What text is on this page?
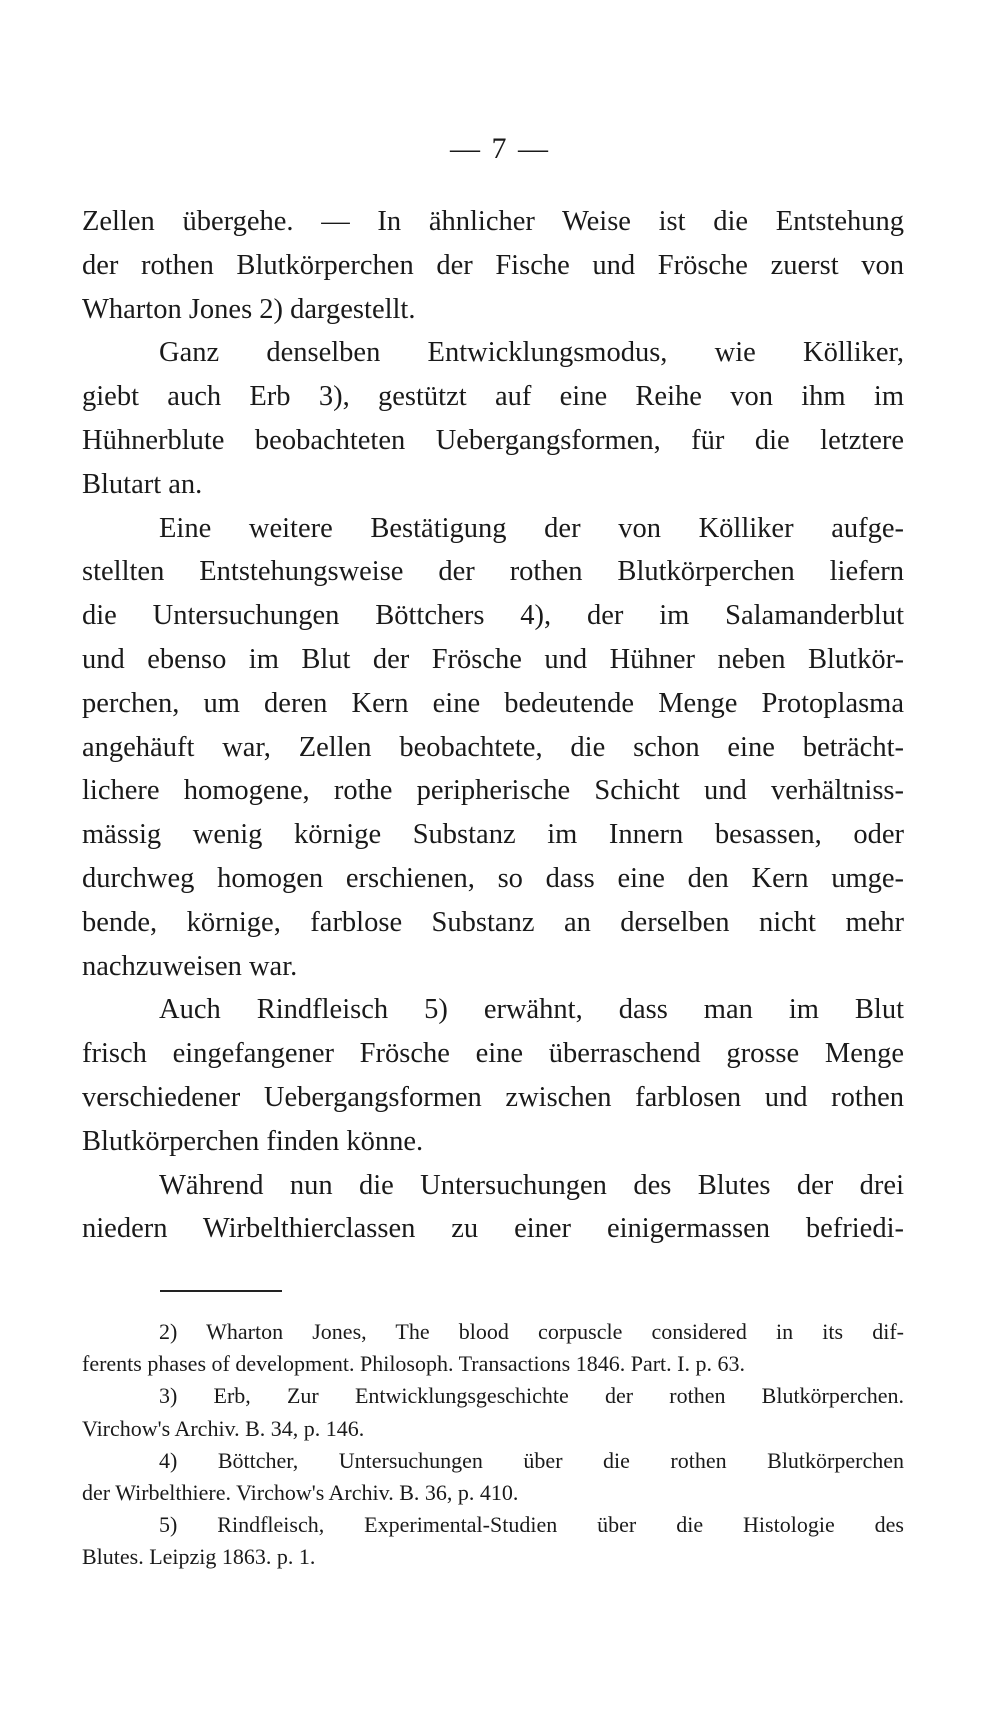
— 7 —
Zellen übergehe. — In ähnlicher Weise ist die Entstehung
der rothen Blutkörperchen der Fische und Frösche zuerst von
Wharton Jones 2) dargestellt.
Ganz denselben Entwicklungsmodus, wie Kölliker,
giebt auch Erb 3), gestützt auf eine Reihe von ihm im
Hühnerblute beobachteten Uebergangsformen, für die letztere
Blutart an.
Eine weitere Bestätigung der von Kölliker aufge-
stellten Entstehungsweise der rothen Blutkörperchen liefern
die Untersuchungen Böttchers 4), der im Salamanderblut
und ebenso im Blut der Frösche und Hühner neben Blutkör-
perchen, um deren Kern eine bedeutende Menge Protoplasma
angehäuft war, Zellen beobachtete, die schon eine beträcht-
lichere homogene, rothe peripherische Schicht und verhältniss-
mässig wenig körnige Substanz im Innern besassen, oder
durchweg homogen erschienen, so dass eine den Kern umge-
bende, körnige, farblose Substanz an derselben nicht mehr
nachzuweisen war.
Auch Rindfleisch 5) erwähnt, dass man im Blut
frisch eingefangener Frösche eine überraschend grosse Menge
verschiedener Uebergangsformen zwischen farblosen und rothen
Blutkörperchen finden könne.
Während nun die Untersuchungen des Blutes der drei
niedern Wirbelthierclassen zu einer einigermassen befriedi-
2) Wharton Jones, The blood corpuscle considered in its dif-
ferents phases of development. Philosoph. Transactions 1846. Part. I. p. 63.
3) Erb, Zur Entwicklungsgeschichte der rothen Blutkörperchen.
Virchow's Archiv. B. 34, p. 146.
4) Böttcher, Untersuchungen über die rothen Blutkörperchen
der Wirbelthiere. Virchow's Archiv. B. 36, p. 410.
5) Rindfleisch, Experimental-Studien über die Histologie des
Blutes. Leipzig 1863. p. 1.
